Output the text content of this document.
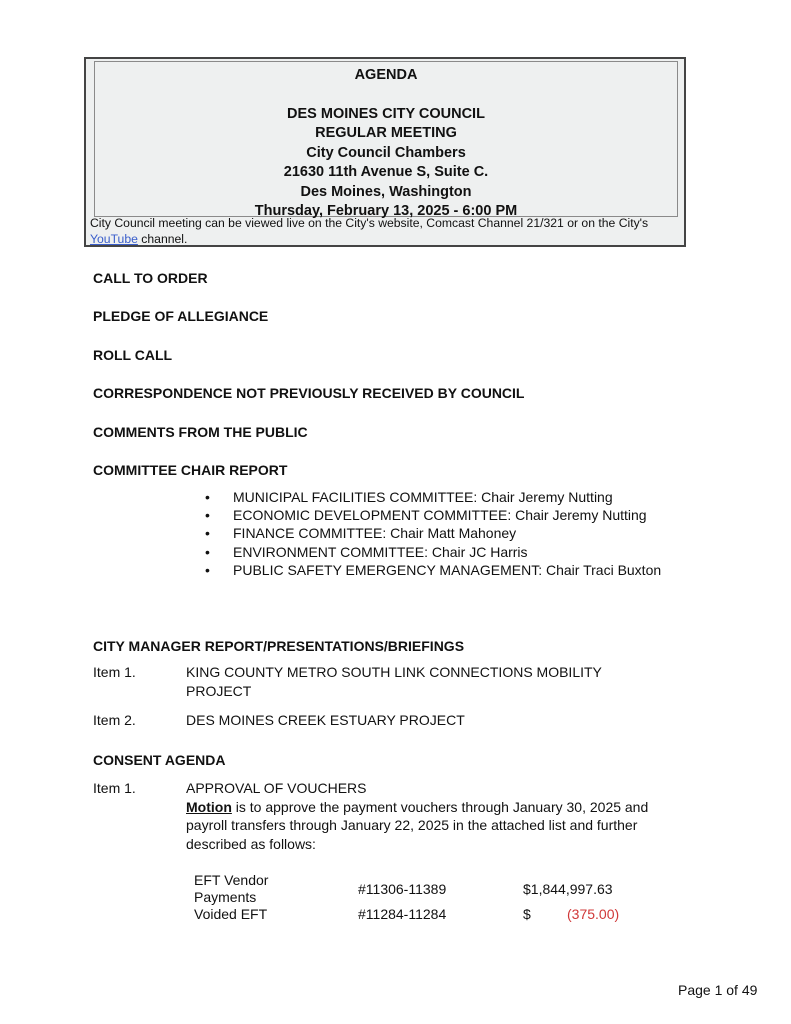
AGENDA
DES MOINES CITY COUNCIL
REGULAR MEETING
City Council Chambers
21630 11th Avenue S, Suite C.
Des Moines, Washington
Thursday, February 13, 2025 - 6:00 PM
City Council meeting can be viewed live on the City's website, Comcast Channel 21/321 or on the City's YouTube channel.
CALL TO ORDER
PLEDGE OF ALLEGIANCE
ROLL CALL
CORRESPONDENCE NOT PREVIOUSLY RECEIVED BY COUNCIL
COMMENTS FROM THE PUBLIC
COMMITTEE CHAIR REPORT
• MUNICIPAL FACILITIES COMMITTEE: Chair Jeremy Nutting
• ECONOMIC DEVELOPMENT COMMITTEE: Chair Jeremy Nutting
• FINANCE COMMITTEE: Chair Matt Mahoney
• ENVIRONMENT COMMITTEE: Chair JC Harris
• PUBLIC SAFETY EMERGENCY MANAGEMENT: Chair Traci Buxton
CITY MANAGER REPORT/PRESENTATIONS/BRIEFINGS
Item 1.	KING COUNTY METRO SOUTH LINK CONNECTIONS MOBILITY PROJECT
Item 2.	DES MOINES CREEK ESTUARY PROJECT
CONSENT AGENDA
Item 1.	APPROVAL OF VOUCHERS
Motion is to approve the payment vouchers through January 30, 2025 and payroll transfers through January 22, 2025 in the attached list and further described as follows:
EFT Vendor Payments	#11306-11389	$1,844,997.63
Voided EFT	#11284-11284	$	(375.00)
Page 1 of 49
